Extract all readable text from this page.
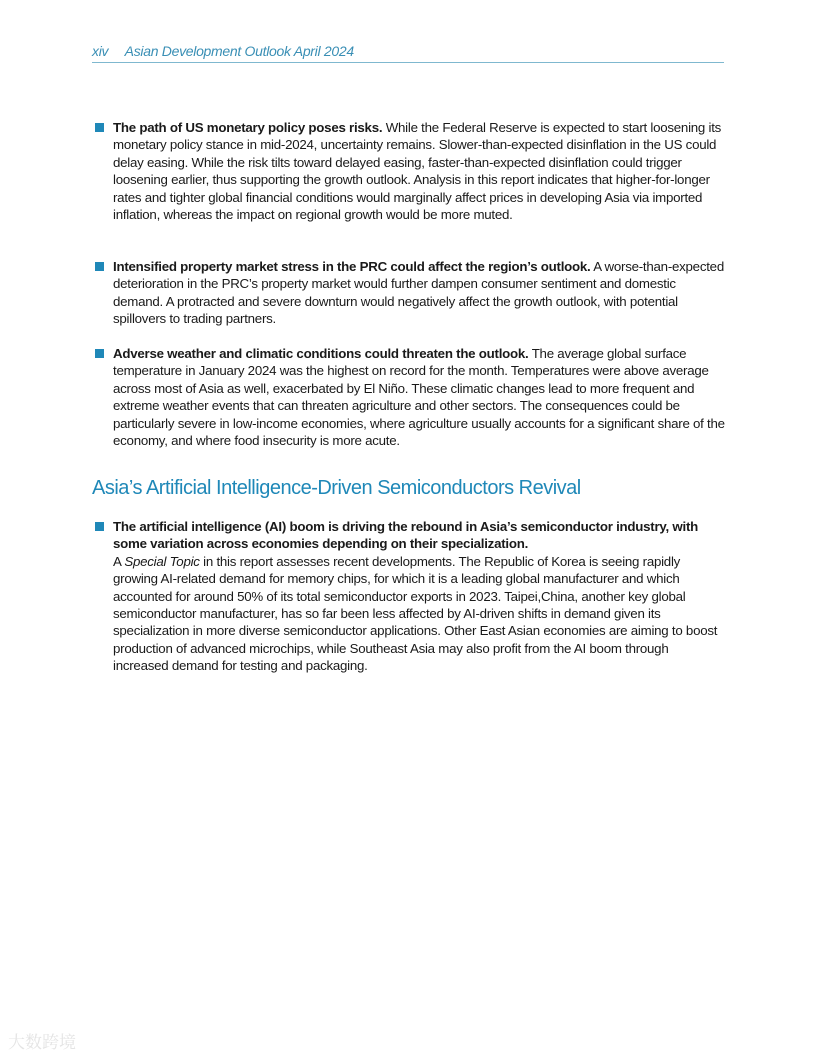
xiv Asian Development Outlook April 2024
The path of US monetary policy poses risks. While the Federal Reserve is expected to start loosening its monetary policy stance in mid-2024, uncertainty remains. Slower-than-expected disinflation in the US could delay easing. While the risk tilts toward delayed easing, faster-than-expected disinflation could trigger loosening earlier, thus supporting the growth outlook. Analysis in this report indicates that higher-for-longer rates and tighter global financial conditions would marginally affect prices in developing Asia via imported inflation, whereas the impact on regional growth would be more muted.
Intensified property market stress in the PRC could affect the region’s outlook. A worse-than-expected deterioration in the PRC’s property market would further dampen consumer sentiment and domestic demand. A protracted and severe downturn would negatively affect the growth outlook, with potential spillovers to trading partners.
Adverse weather and climatic conditions could threaten the outlook. The average global surface temperature in January 2024 was the highest on record for the month. Temperatures were above average across most of Asia as well, exacerbated by El Niño. These climatic changes lead to more frequent and extreme weather events that can threaten agriculture and other sectors. The consequences could be particularly severe in low-income economies, where agriculture usually accounts for a significant share of the economy, and where food insecurity is more acute.
Asia’s Artificial Intelligence-Driven Semiconductors Revival
The artificial intelligence (AI) boom is driving the rebound in Asia’s semiconductor industry, with some variation across economies depending on their specialization.
A Special Topic in this report assesses recent developments. The Republic of Korea is seeing rapidly growing AI-related demand for memory chips, for which it is a leading global manufacturer and which accounted for around 50% of its total semiconductor exports in 2023. Taipei,China, another key global semiconductor manufacturer, has so far been less affected by AI-driven shifts in demand given its specialization in more diverse semiconductor applications. Other East Asian economies are aiming to boost production of advanced microchips, while Southeast Asia may also profit from the AI boom through increased demand for testing and packaging.
大数跨境
